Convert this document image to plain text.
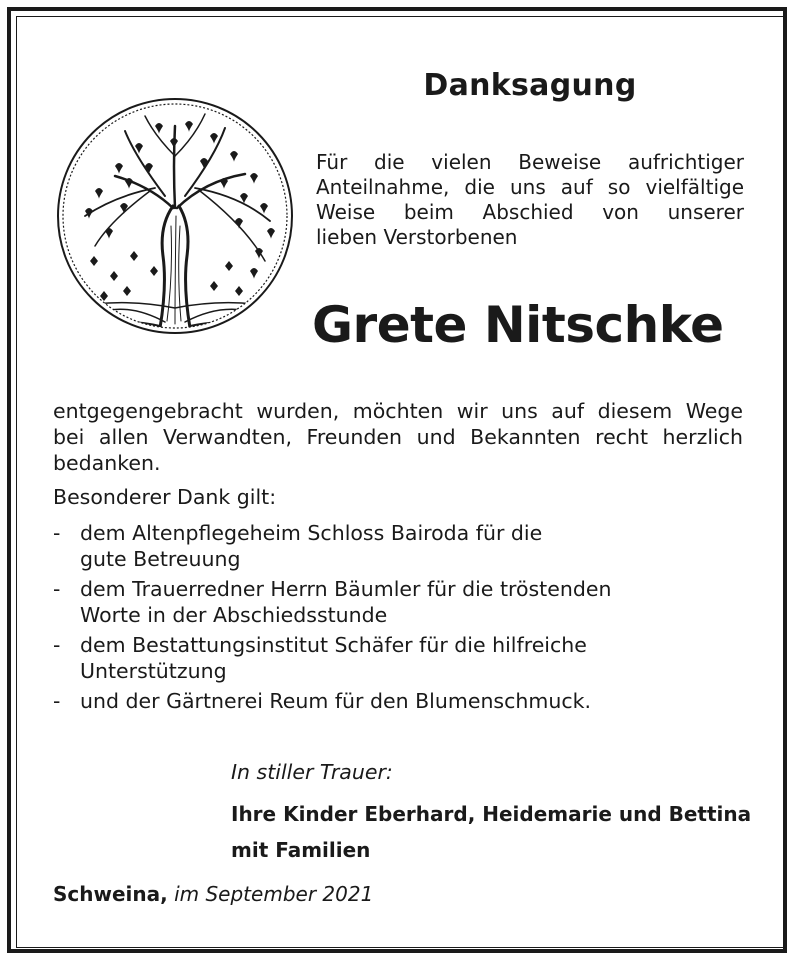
Danksagung
Für die vielen Beweise aufrichtiger
Anteilnahme, die uns auf so vielfältige
Weise beim Abschied von unserer
lieben Verstorbenen
Grete Nitschke
entgegengebracht wurden, möchten wir uns auf diesem Wege
bei allen Verwandten, Freunden und Bekannten recht herzlich
bedanken.
Besonderer Dank gilt:
- dem Altenpflegeheim Schloss Bairoda für die
gute Betreuung
- dem Trauerredner Herrn Bäumler für die tröstenden
Worte in der Abschiedsstunde
- dem Bestattungsinstitut Schäfer für die hilfreiche
Unterstützung
- und der Gärtnerei Reum für den Blumenschmuck.
In stiller Trauer:
Ihre Kinder Eberhard, Heidemarie und Bettina
mit Familien
Schweina, im September 2021
